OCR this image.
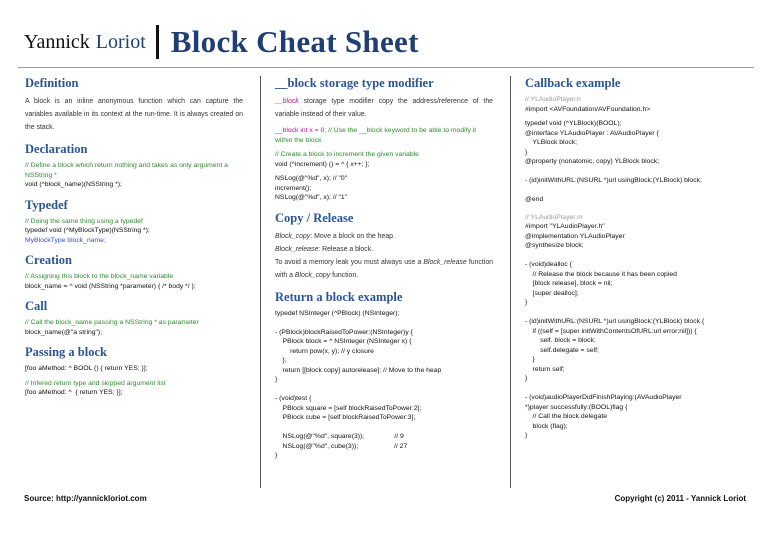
Yannick Loriot Block Cheat Sheet
Definition

A block is an inline anonymous function which can capture the variables available in its context at the run-time. It is always created on the stack.

Declaration

// Define a block which return nothing and takes as only argument a NSString *

void (^block_name)(NSString *);

Typedef

// Doing the same thing using a typedef

typedef void (^MyBlockType)(NSString *);

MyBlockType block_name;

Creation

// Assigning this block to the block_name variable

block_name = ^ void (NSString *parameter) { /* body */ };

Call

// Call the block_name passing a NSString * as parameter

block_name(@"a string");

Passing a block

[foo aMethod: ^ BOOL () { return YES; }];

// Infered return type and skipped argument list

[foo aMethod: ^  { return YES; }];

__block storage type modifier

__block storage type modifier copy the address/reference of the variable instead of their value.

__block int x = 0; // Use the __block keyword to be able to modify it within the block

// Create a block to increment the given variable

void (^increment) () = ^ { x++; };

NSLog(@"%d", x); // "0"

increment();

NSLog(@"%d", x); // "1"

Copy / Release

Block_copy: Move a block on the heap.

Block_release: Release a block.

To avoid a memory leak you must always use a Block_release function with a Block_copy function.

Return a block example

typedef NSInteger (^PBlock) (NSInteger);

- (PBlock)blockRaisedToPower:(NSInteger)y {
PBlock block = ^ NSInteger (NSInteger x) {
return pow(x, y); // y closure
};
return [[block copy] autorelease]; // Move to the heap
}

- (void)test {
PBlock square = [self blockRaisedToPower:2];
PBlock cube = [self blockRaisedToPower:3];

NSLog(@"%d", square(3));                // 9
NSLog(@"%d", cube(3));                   // 27
}

Callback example

// YLAudioPlayer.h

#import <AVFoundation/AVFoundation.h>

typedef void (^YLBlock)(BOOL);
@interface YLAudioPlayer : AVAudioPlayer {
YLBlock block;
}
@property (nonatomic, copy) YLBlock block;

- (id)initWithURL:(NSURL *)url usingBlock:(YLBlock) block;

@end

// YLAudioPlayer.m

#import "YLAudioPlayer.h"

@implementation YLAudioPlayer
@synthesize block;

- (void)dealloc {
// Release the block because it has been copied
[block release], block = nil;
[super dealloc];
}

- (id)initWithURL:(NSURL *)url usingBlock:(YLBlock) block {
if ((self = [super initWithContentsOfURL:url error:nil])) {
self. block = block;
self.delegate = self;
}
return self;
}

- (void)audioPlayerDidFinishPlaying:(AVAudioPlayer
*)player successfully:(BOOL)flag {
// Call the block delegate
block (flag);
}

Source: http://yannickloriot.com	Copyright (c) 2011 - Yannick Loriot
